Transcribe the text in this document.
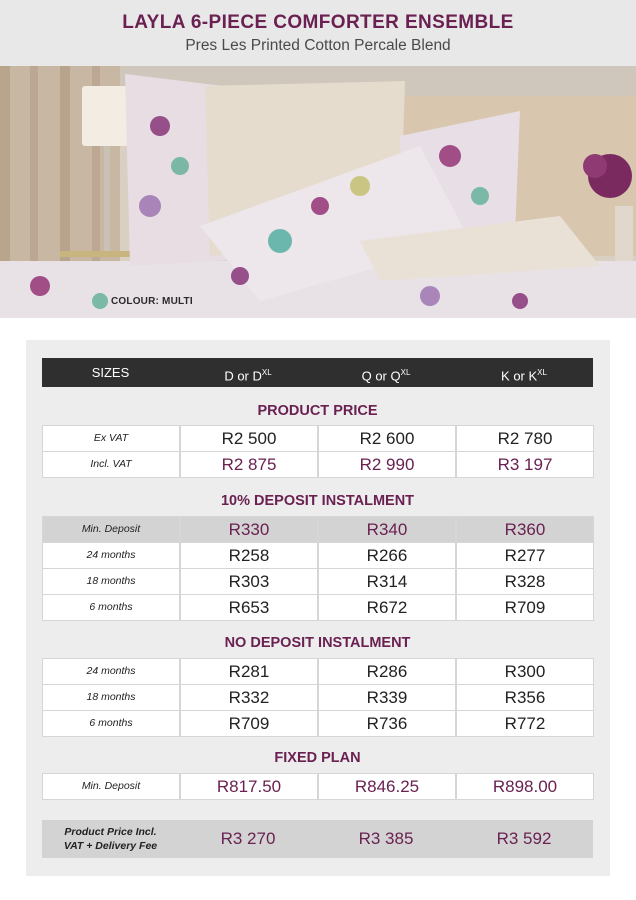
LAYLA 6-PIECE COMFORTER ENSEMBLE
Pres Les Printed Cotton Percale Blend
COLOUR: MULTI
SIZES	D or $D^{XL}$	Q or $Q^{XL}$	K or $K^{XL}$
PRODUCT PRICE
Ex VAT	R2 500	R2 600	R2 780
Incl. VAT	R2 875	R2 990	R3 197
10% DEPOSIT INSTALMENT
Min. Deposit	R330	R340	R360
24 months	R258	R266	R277
18 months	R303	R314	R328
6 months	R653	R672	R709
NO DEPOSIT INSTALMENT
24 months	R281	R286	R300
18 months	R332	R339	R356
6 months	R709	R736	R772
FIXED PLAN
Min. Deposit	R817.50	R846.25	R898.00
Product Price Incl.
VAT + Delivery Fee	R3 270	R3 385	R3 592
